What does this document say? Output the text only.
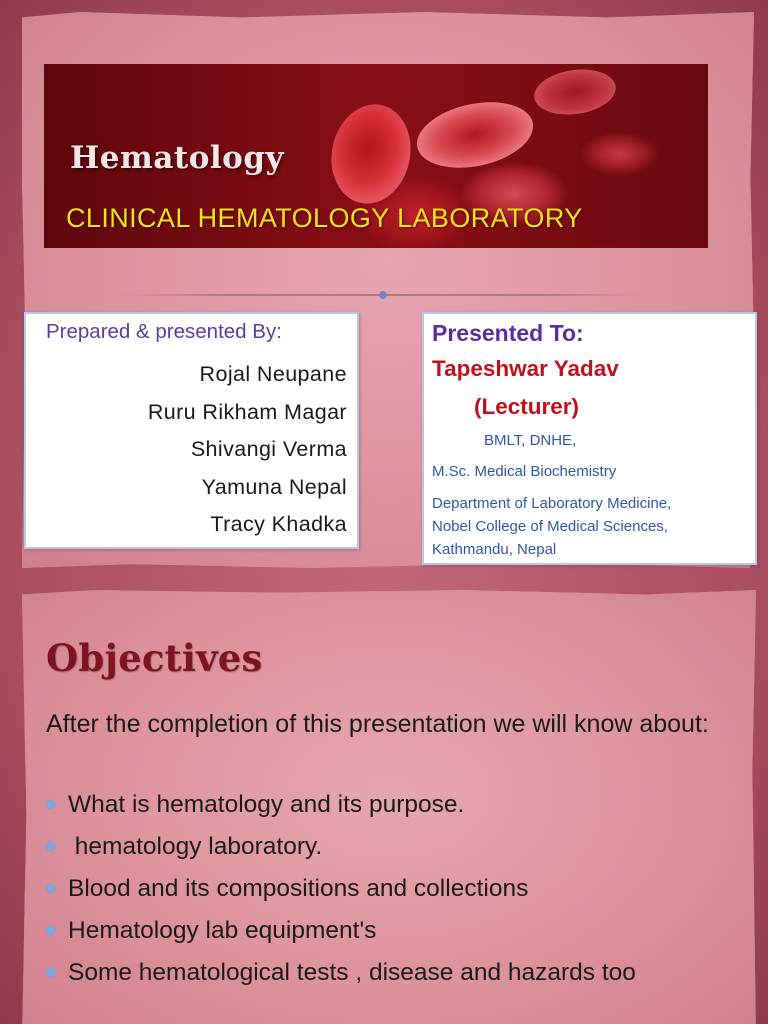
Hematology
CLINICAL HEMATOLOGY LABORATORY
Prepared & presented By:
Rojal Neupane
Ruru Rikham Magar
Shivangi Verma
Yamuna Nepal
Tracy Khadka
Presented To:
Tapeshwar Yadav
(Lecturer)
BMLT, DNHE,
M.Sc. Medical Biochemistry
Department of Laboratory Medicine,
Nobel College of Medical Sciences,
Kathmandu, Nepal
Objectives
After the completion of this presentation we will know about:
What is hematology and its purpose.
hematology laboratory.
Blood and its compositions and collections
Hematology lab equipment's
Some hematological tests , disease and hazards too
